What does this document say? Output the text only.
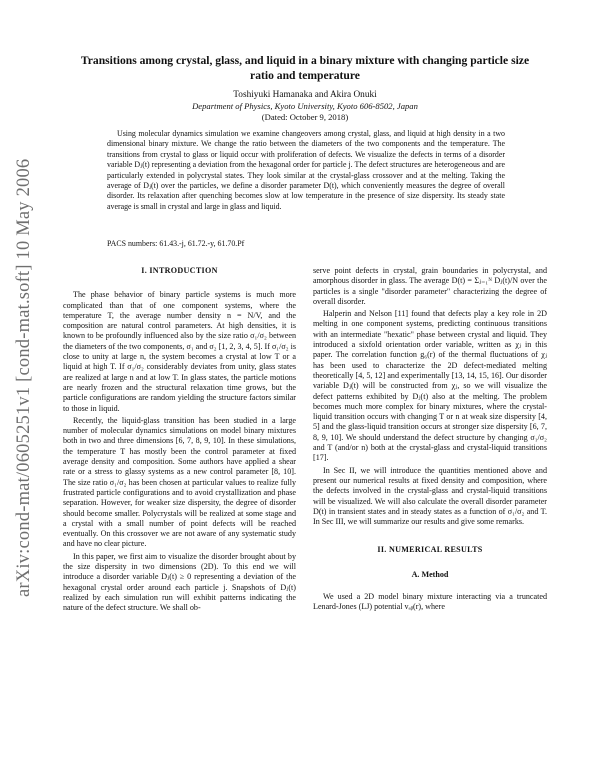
arXiv:cond-mat/0605251v1 [cond-mat.soft] 10 May 2006
Transitions among crystal, glass, and liquid in a binary mixture with changing particle size ratio and temperature
Toshiyuki Hamanaka and Akira Onuki
Department of Physics, Kyoto University, Kyoto 606-8502, Japan
(Dated: October 9, 2018)
Using molecular dynamics simulation we examine changeovers among crystal, glass, and liquid at high density in a two dimensional binary mixture. We change the ratio between the diameters of the two components and the temperature. The transitions from crystal to glass or liquid occur with proliferation of defects. We visualize the defects in terms of a disorder variable Dⱼ(t) representing a deviation from the hexagonal order for particle j. The defect structures are heterogeneous and are particularly extended in polycrystal states. They look similar at the crystal-glass crossover and at the melting. Taking the average of Dⱼ(t) over the particles, we define a disorder parameter D(t), which conveniently measures the degree of overall disorder. Its relaxation after quenching becomes slow at low temperature in the presence of size dispersity. Its steady state average is small in crystal and large in glass and liquid.
PACS numbers: 61.43.-j, 61.72.-y, 61.70.Pf
I. INTRODUCTION

The phase behavior of binary particle systems is much more complicated than that of one component systems, where the temperature T, the average number density n = N/V, and the composition are natural control parameters. At high densities, it is known to be profoundly influenced also by the size ratio σ₁/σ₂ between the diameters of the two components, σ₁ and σ₂ [1, 2, 3, 4, 5]. If σ₁/σ₂ is close to unity at large n, the system becomes a crystal at low T or a liquid at high T. If σ₁/σ₂ considerably deviates from unity, glass states are realized at large n and at low T. In glass states, the particle motions are nearly frozen and the structural relaxation time grows, but the particle configurations are random yielding the structure factors similar to those in liquid.

Recently, the liquid-glass transition has been studied in a large number of molecular dynamics simulations on model binary mixtures both in two and three dimensions [6, 7, 8, 9, 10]. In these simulations, the temperature T has mostly been the control parameter at fixed average density and composition. Some authors have applied a shear rate or a stress to glassy systems as a new control parameter [8, 10]. The size ratio σ₁/σ₂ has been chosen at particular values to realize fully frustrated particle configurations and to avoid crystallization and phase separation. However, for weaker size dispersity, the degree of disorder should become smaller. Polycrystals will be realized at some stage and a crystal with a small number of point defects will be reached eventually. On this crossover we are not aware of any systematic study and have no clear picture.

In this paper, we first aim to visualize the disorder brought about by the size dispersity in two dimensions (2D). To this end we will introduce a disorder variable Dⱼ(t) ≥ 0 representing a deviation of the hexagonal crystal order around each particle j. Snapshots of Dⱼ(t) realized by each simulation run will exhibit patterns indicating the nature of the defect structure. We shall ob-

serve point defects in crystal, grain boundaries in polycrystal, and amorphous disorder in glass. The average D(t) = Σⱼ₌₁ᴺ Dⱼ(t)/N over the particles is a single "disorder parameter" characterizing the degree of overall disorder.

Halperin and Nelson [11] found that defects play a key role in 2D melting in one component systems, predicting continuous transitions with an intermediate "hexatic" phase between crystal and liquid. They introduced a sixfold orientation order variable, written as χⱼ in this paper. The correlation function g₆(r) of the thermal fluctuations of χⱼ has been used to characterize the 2D defect-mediated melting theoretically [4, 5, 12] and experimentally [13, 14, 15, 16]. Our disorder variable Dⱼ(t) will be constructed from χⱼ, so we will visualize the defect patterns exhibited by Dⱼ(t) also at the melting. The problem becomes much more complex for binary mixtures, where the crystal-liquid transition occurs with changing T or n at weak size dispersity [4, 5] and the glass-liquid transition occurs at stronger size dispersity [6, 7, 8, 9, 10]. We should understand the defect structure by changing σ₁/σ₂ and T (and/or n) both at the crystal-glass and crystal-liquid transitions [17].

In Sec II, we will introduce the quantities mentioned above and present our numerical results at fixed density and composition, where the defects involved in the crystal-glass and crystal-liquid transitions will be visualized. We will also calculate the overall disorder parameter D(t) in transient states and in steady states as a function of σ₁/σ₂ and T. In Sec III, we will summarize our results and give some remarks.

II. NUMERICAL RESULTS
A. Method

We used a 2D model binary mixture interacting via a truncated Lenard-Jones (LJ) potential vₐᵦ(r), where
